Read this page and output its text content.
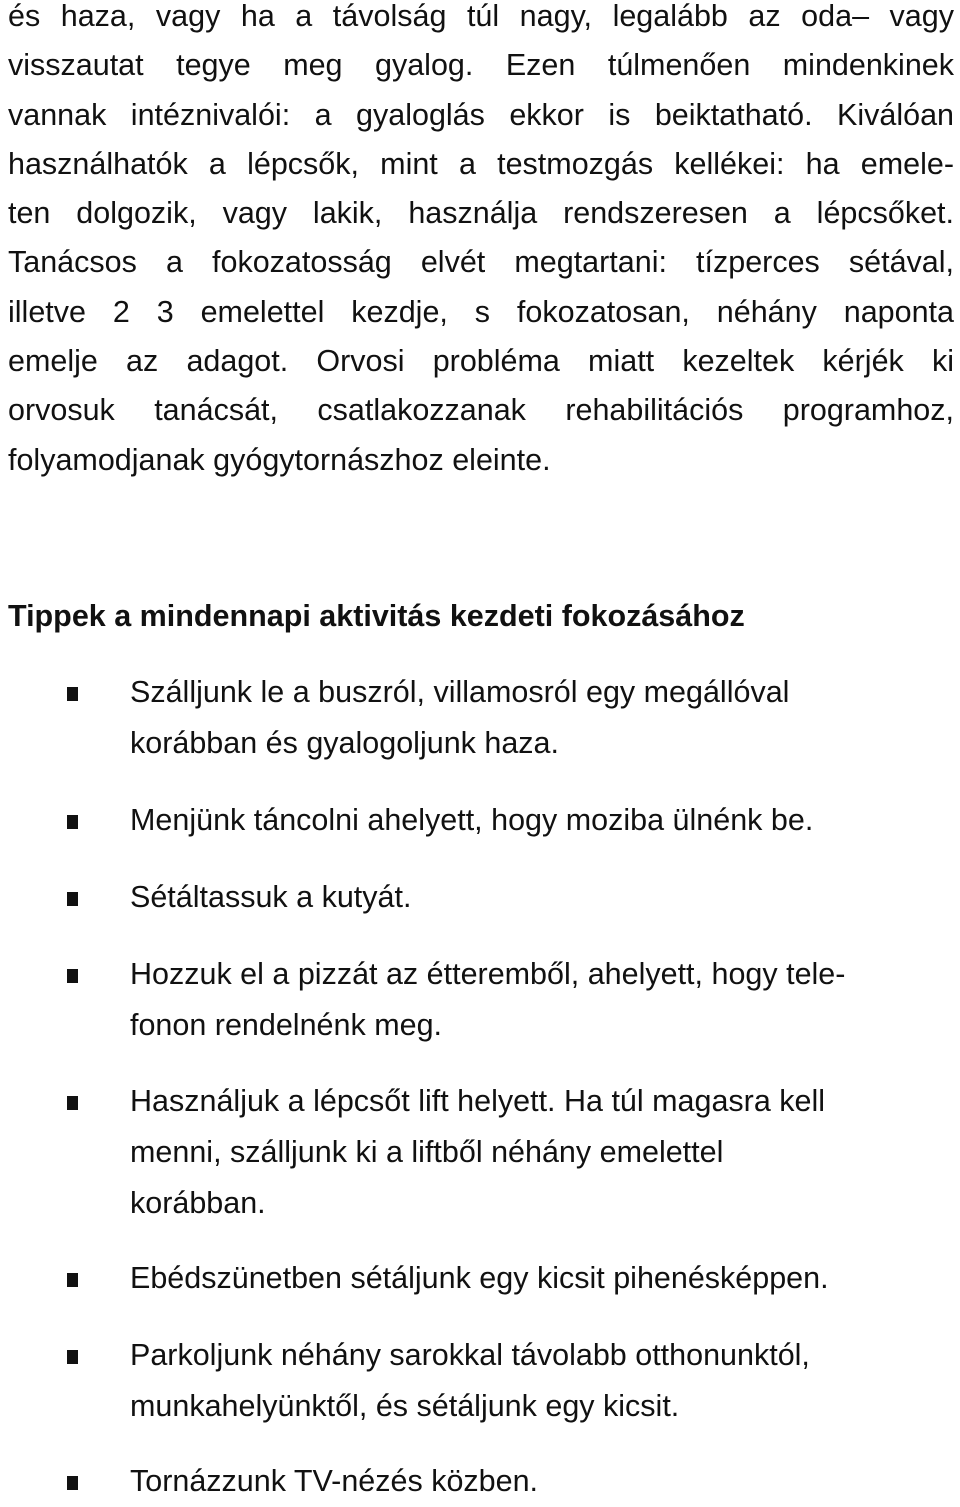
és haza, vagy ha a távolság túl nagy, legalább az oda– vagy
visszautat tegye meg gyalog. Ezen túlmenően mindenkinek
vannak intéznivalói: a gyaloglás ekkor is beiktatható. Kiválóan
használhatók a lépcsők, mint a testmozgás kellékei: ha emele-
ten dolgozik, vagy lakik, használja rendszeresen a lépcsőket.
Tanácsos a fokozatosság elvét megtartani: tízperces sétával,
illetve 2 3 emelettel kezdje, s fokozatosan, néhány naponta
emelje az adagot. Orvosi probléma miatt kezeltek kérjék ki
orvosuk tanácsát, csatlakozzanak rehabilitációs programhoz,
folyamodjanak gyógytornászhoz eleinte.
Tippek a mindennapi aktivitás kezdeti fokozásához
Szálljunk le a buszról, villamosról egy megállóval
korábban és gyalogoljunk haza.
Menjünk táncolni ahelyett, hogy moziba ülnénk be.
Sétáltassuk a kutyát.
Hozzuk el a pizzát az étteremből, ahelyett, hogy tele-
fonon rendelnénk meg.
Használjuk a lépcsőt lift helyett. Ha túl magasra kell
menni, szálljunk ki a liftből néhány emelettel
korábban.
Ebédszünetben sétáljunk egy kicsit pihenésképpen.
Parkoljunk néhány sarokkal távolabb otthonunktól,
munkahelyünktől, és sétáljunk egy kicsit.
Tornázzunk TV-nézés közben.
